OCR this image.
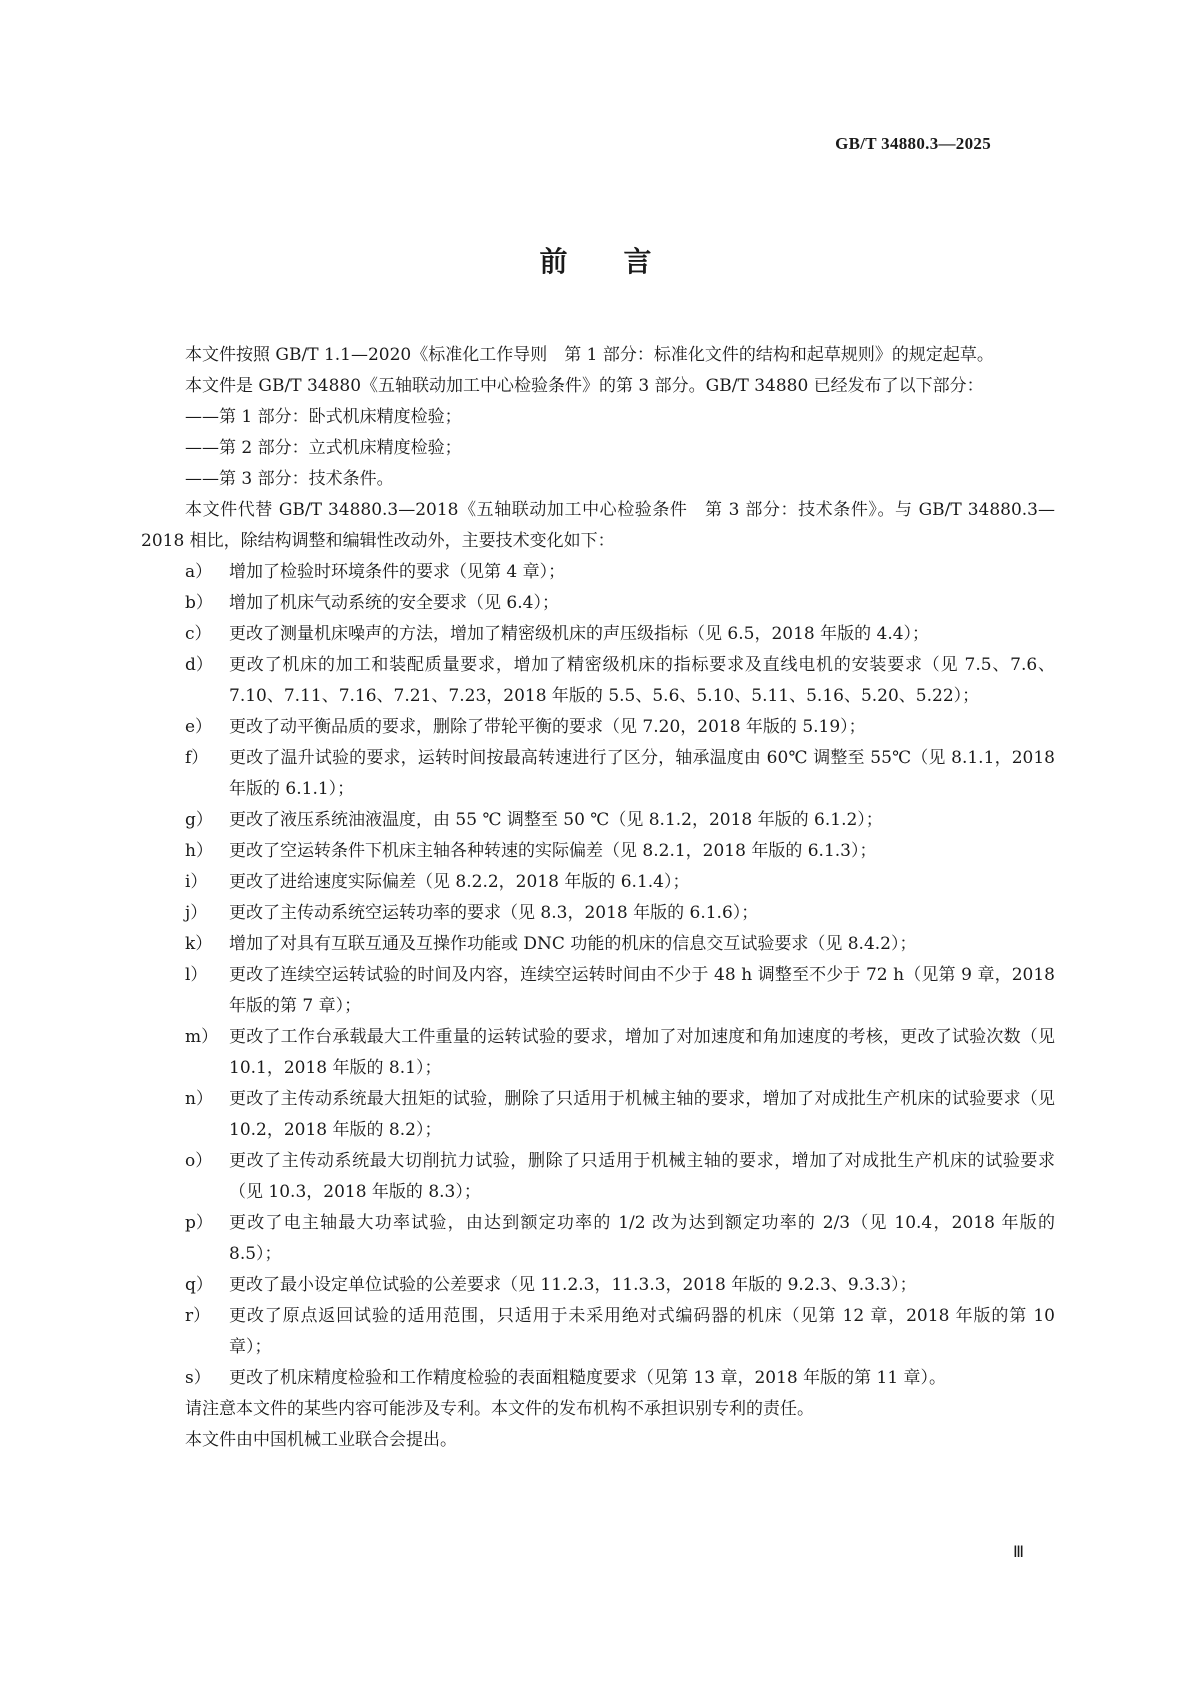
GB/T 34880.3—2025
前言

本文件按照 GB/T 1.1—2020《标准化工作导则　第 1 部分：标准化文件的结构和起草规则》的规定起草。

本文件是 GB/T 34880《五轴联动加工中心检验条件》的第 3 部分。GB/T 34880 已经发布了以下部分：

——第 1 部分：卧式机床精度检验；

——第 2 部分：立式机床精度检验；

——第 3 部分：技术条件。

本文件代替 GB/T 34880.3—2018《五轴联动加工中心检验条件　第 3 部分：技术条件》。与 GB/T 34880.3—2018 相比，除结构调整和编辑性改动外，主要技术变化如下：

a） 增加了检验时环境条件的要求（见第 4 章）；

b） 增加了机床气动系统的安全要求（见 6.4）；

c）	更改了测量机床噪声的方法，增加了精密级机床的声压级指标（见 6.5，2018 年版的 4.4）；

d） 更改了机床的加工和装配质量要求，增加了精密级机床的指标要求及直线电机的安装要求（见 7.5、7.6、7.10、7.11、7.16、7.21、7.23，2018 年版的 5.5、5.6、5.10、5.11、5.16、5.20、5.22）；

e） 更改了动平衡品质的要求，删除了带轮平衡的要求（见 7.20，2018 年版的 5.19）；

f）	更改了温升试验的要求，运转时间按最高转速进行了区分，轴承温度由 60℃ 调整至 55℃（见 8.1.1，2018 年版的 6.1.1）；

g） 更改了液压系统油液温度，由 55 ℃ 调整至 50 ℃（见 8.1.2，2018 年版的 6.1.2）；

h） 更改了空运转条件下机床主轴各种转速的实际偏差（见 8.2.1，2018 年版的 6.1.3）；

i）	更改了进给速度实际偏差（见 8.2.2，2018 年版的 6.1.4）；

j）	更改了主传动系统空运转功率的要求（见 8.3，2018 年版的 6.1.6）；

k） 增加了对具有互联互通及互操作功能或 DNC 功能的机床的信息交互试验要求（见 8.4.2）；

l）	更改了连续空运转试验的时间及内容，连续空运转时间由不少于 48 h 调整至不少于 72 h（见第 9 章，2018 年版的第 7 章）；

m） 更改了工作台承载最大工件重量的运转试验的要求，增加了对加速度和角加速度的考核，更改了试验次数（见 10.1，2018 年版的 8.1）；

n） 更改了主传动系统最大扭矩的试验，删除了只适用于机械主轴的要求，增加了对成批生产机床的试验要求（见 10.2，2018 年版的 8.2）；

o） 更改了主传动系统最大切削抗力试验，删除了只适用于机械主轴的要求，增加了对成批生产机床的试验要求（见 10.3，2018 年版的 8.3）；

p） 更改了电主轴最大功率试验，由达到额定功率的 1/2 改为达到额定功率的 2/3（见 10.4，2018 年版的 8.5）；

q） 更改了最小设定单位试验的公差要求（见 11.2.3，11.3.3，2018 年版的 9.2.3、9.3.3）；

r）	更改了原点返回试验的适用范围，只适用于未采用绝对式编码器的机床（见第 12 章，2018 年版的第 10 章）；

s）	更改了机床精度检验和工作精度检验的表面粗糙度要求（见第 13 章，2018 年版的第 11 章）。

请注意本文件的某些内容可能涉及专利。本文件的发布机构不承担识别专利的责任。

本文件由中国机械工业联合会提出。

Ⅲ
